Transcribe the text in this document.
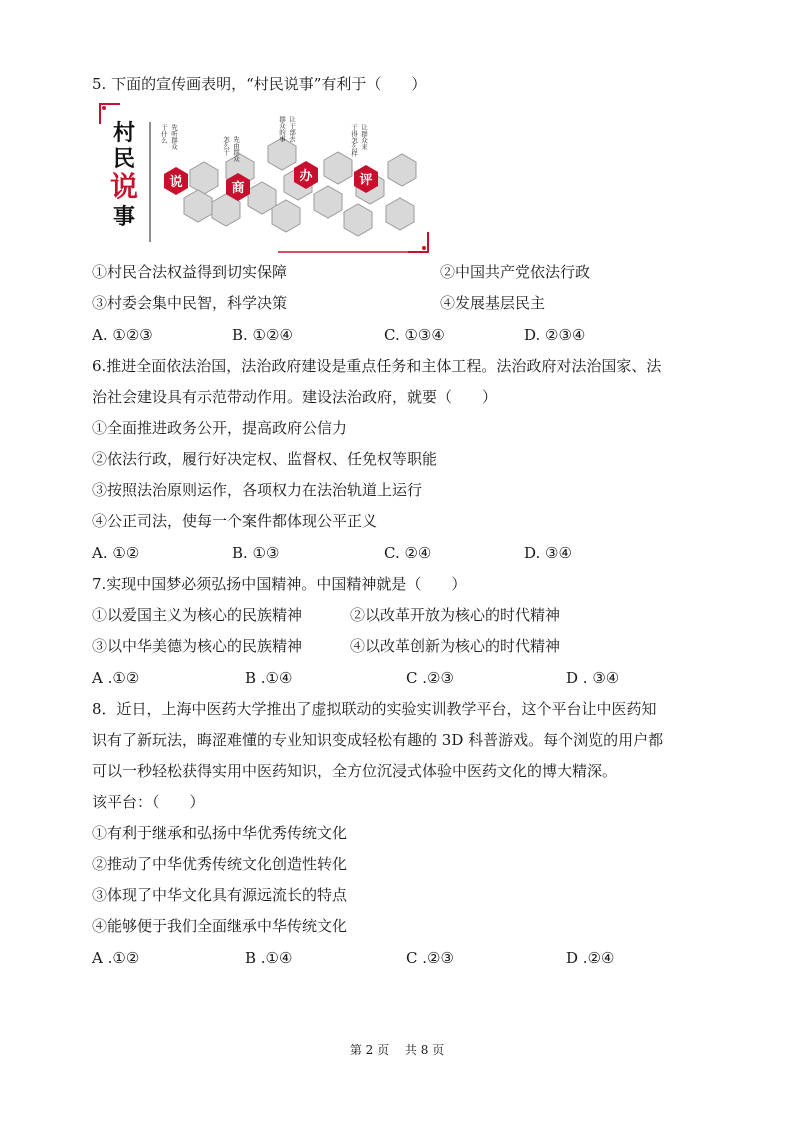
5. 下面的宣传画表明，“村民说事”有利于（　　）
村
民
说
事
说	商
办	评
干什么 先听群众	怎么干 先由群众
群众的事 让干部去	干得怎么样 让群众来
①村民合法权益得到切实保障	②中国共产党依法行政
③村委会集中民智，科学决策	④发展基层民主
A. ①②③	B. ①②④	C. ①③④	D. ②③④
6.推进全面依法治国，法治政府建设是重点任务和主体工程。法治政府对法治国家、法
治社会建设具有示范带动作用。建设法治政府，就要（　　）
①全面推进政务公开，提高政府公信力
②依法行政，履行好决定权、监督权、任免权等职能
③按照法治原则运作，各项权力在法治轨道上运行
④公正司法，使每一个案件都体现公平正义
A. ①②	B. ①③	C. ②④	D. ③④
7.实现中国梦必须弘扬中国精神。中国精神就是（　　）
①以爱国主义为核心的民族精神	②以改革开放为核心的时代精神
③以中华美德为核心的民族精神	④以改革创新为核心的时代精神
A .①②	B .①④	C .②③	D . ③④
8．近日，上海中医药大学推出了虚拟联动的实验实训教学平台，这个平台让中医药知
识有了新玩法，晦涩难懂的专业知识变成轻松有趣的 3D 科普游戏。每个浏览的用户都
可以一秒轻松获得实用中医药知识，全方位沉浸式体验中医药文化的博大精深。
该平台：（　　）
①有利于继承和弘扬中华优秀传统文化
②推动了中华优秀传统文化创造性转化
③体现了中华文化具有源远流长的特点
④能够便于我们全面继承中华传统文化
A .①②	B .①④	C .②③	D .②④
第 2 页 共 8 页
